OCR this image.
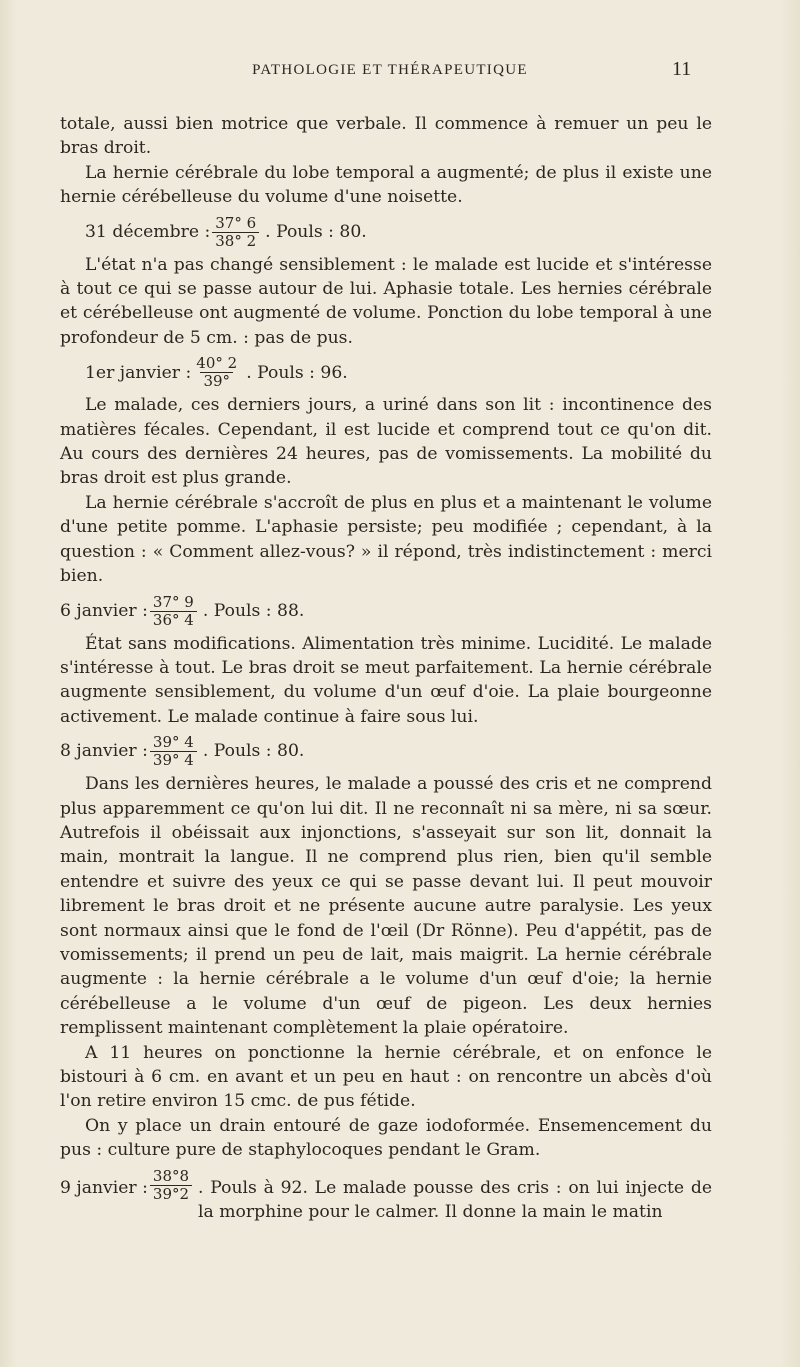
PATHOLOGIE ET THÉRAPEUTIQUE	11

totale, aussi bien motrice que verbale. Il commence à remuer un peu le bras droit.

La hernie cérébrale du lobe temporal a augmenté; de plus il existe une hernie cérébelleuse du volume d'une noisette.

31 décembre : $\frac{37^\circ 6}{38^\circ 2}$ . Pouls : 80.

L'état n'a pas changé sensiblement : le malade est lucide et s'intéresse à tout ce qui se passe autour de lui. Aphasie totale. Les hernies cérébrale et cérébelleuse ont augmenté de volume. Ponction du lobe temporal à une profondeur de 5 cm. : pas de pus.

1er janvier : $\frac{40^\circ 2}{39^\circ}$ . Pouls : 96.

Le malade, ces derniers jours, a uriné dans son lit : incontinence des matières fécales. Cependant, il est lucide et comprend tout ce qu'on dit. Au cours des dernières 24 heures, pas de vomissements. La mobilité du bras droit est plus grande.

La hernie cérébrale s'accroît de plus en plus et a maintenant le volume d'une petite pomme. L'aphasie persiste; peu modifiée ; cependant, à la question : « Comment allez-vous? » il répond, très indistinctement : merci bien.

6 janvier : $\frac{37^\circ 9}{36^\circ 4}$ . Pouls : 88.

État sans modifications. Alimentation très minime. Lucidité. Le malade s'intéresse à tout. Le bras droit se meut parfaitement. La hernie cérébrale augmente sensiblement, du volume d'un œuf d'oie. La plaie bourgeonne activement. Le malade continue à faire sous lui.

8 janvier : $\frac{39^\circ 4}{39^\circ 4}$ . Pouls : 80.

Dans les dernières heures, le malade a poussé des cris et ne comprend plus apparemment ce qu'on lui dit. Il ne reconnaît ni sa mère, ni sa sœur. Autrefois il obéissait aux injonctions, s'asseyait sur son lit, donnait la main, montrait la langue. Il ne comprend plus rien, bien qu'il semble entendre et suivre des yeux ce qui se passe devant lui. Il peut mouvoir librement le bras droit et ne présente aucune autre paralysie. Les yeux sont normaux ainsi que le fond de l'œil (Dr Rönne). Peu d'appétit, pas de vomissements; il prend un peu de lait, mais maigrit. La hernie cérébrale augmente : la hernie cérébrale a le volume d'un œuf d'oie; la hernie cérébelleuse a le volume d'un œuf de pigeon. Les deux hernies remplissent maintenant complètement la plaie opératoire.

A 11 heures on ponctionne la hernie cérébrale, et on enfonce le bistouri à 6 cm. en avant et un peu en haut : on rencontre un abcès d'où l'on retire environ 15 cmc. de pus fétide.

On y place un drain entouré de gaze iodoformée. Ensemencement du pus : culture pure de staphylocoques pendant le Gram.

9 janvier : $\frac{38^\circ 8}{39^\circ 2}$ . Pouls à 92. Le malade pousse des cris : on lui injecte de la morphine pour le calmer. Il donne la main le matin
